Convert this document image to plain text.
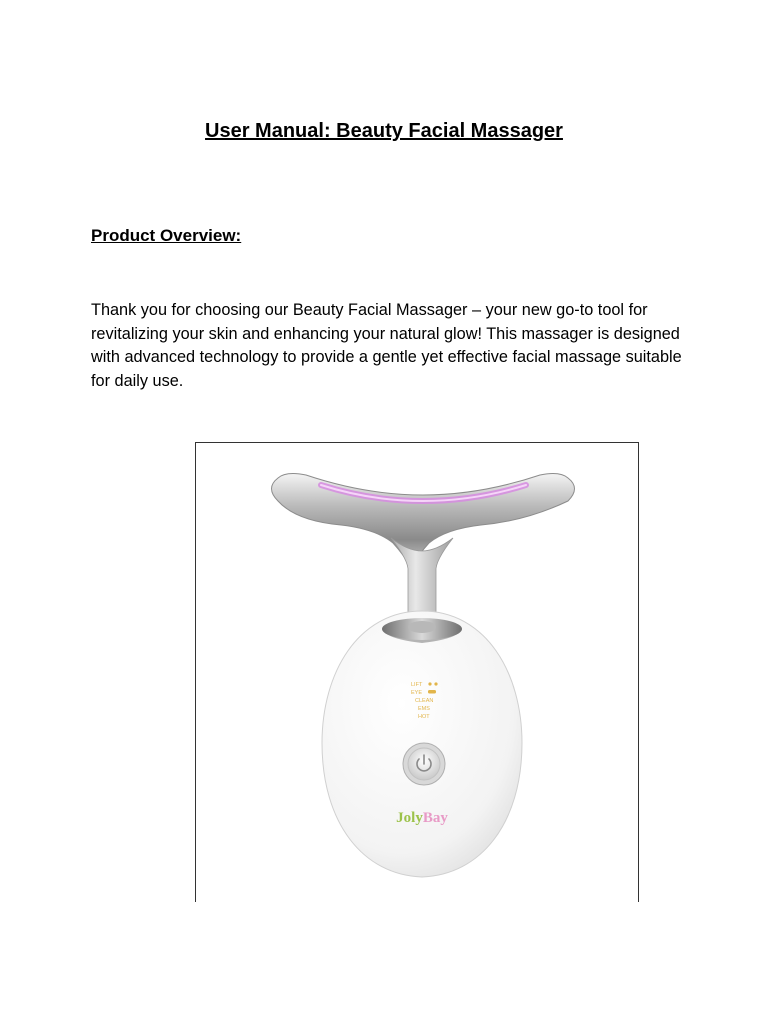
User Manual: Beauty Facial Massager
Product Overview:

Thank you for choosing our Beauty Facial Massager – your new go-to tool for revitalizing your skin and enhancing your natural glow! This massager is designed with advanced technology to provide a gentle yet effective facial massage suitable for daily use.

LIFT
EYE
CLEAN
EMS
HOT
JolyBay
